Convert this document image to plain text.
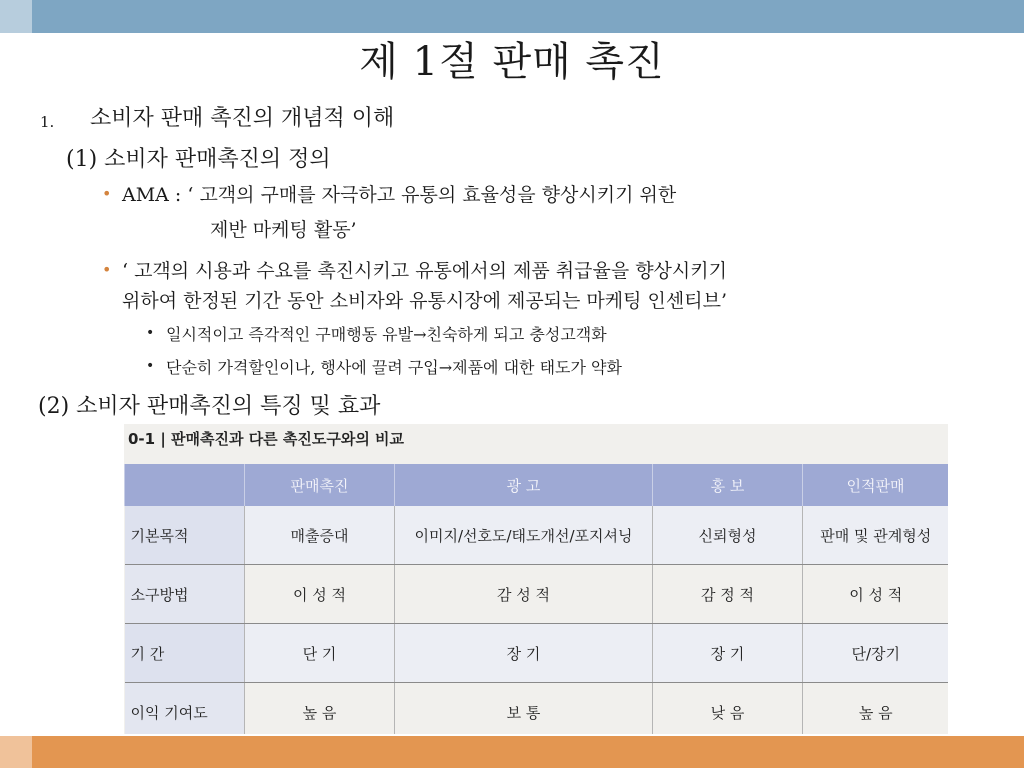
제 1절 판매 촉진
1. 소비자 판매 촉진의 개념적 이해
(1) 소비자 판매촉진의 정의
• AMA : ‘ 고객의 구매를 자극하고 유통의 효율성을 향상시키기 위한
제반 마케팅 활동’
• ‘ 고객의 시용과 수요를 촉진시키고 유통에서의 제품 취급율을 향상시키기
위하여 한정된 기간 동안 소비자와 유통시장에 제공되는 마케팅 인센티브’
• 일시적이고 즉각적인 구매행동 유발→친숙하게 되고 충성고객화
• 단순히 가격할인이나, 행사에 끌려 구입→제품에 대한 태도가 약화
(2) 소비자 판매촉진의 특징 및 효과
0-1 | 판매촉진과 다른 촉진도구와의 비교
	판매촉진	광 고	홍 보	인적판매
기본목적	매출증대	이미지/선호도/태도개선/포지셔닝	신뢰형성	판매 및 관계형성
소구방법	이 성 적	감 성 적	감 정 적	이 성 적
기 간	단 기	장 기	장 기	단/장기
이익 기여도	높 음	보 통	낮 음	높 음
